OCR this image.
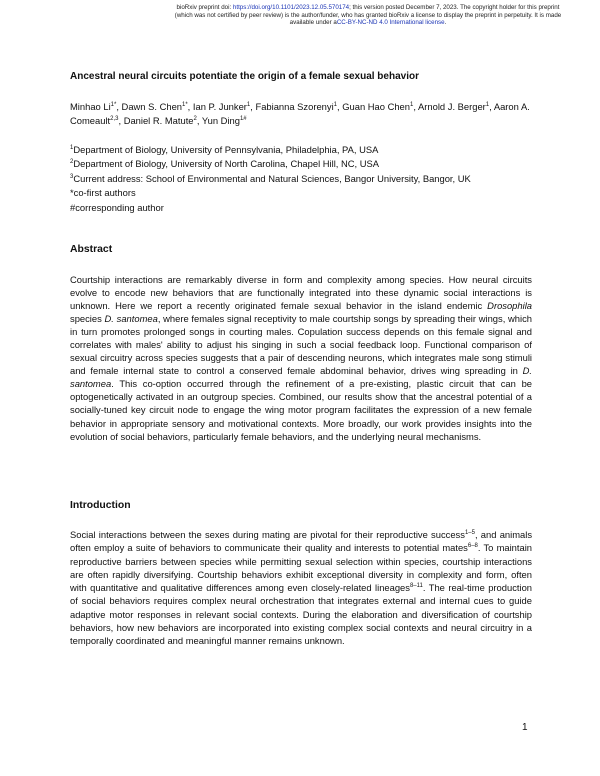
bioRxiv preprint doi: https://doi.org/10.1101/2023.12.05.570174; this version posted December 7, 2023. The copyright holder for this preprint
(which was not certified by peer review) is the author/funder, who has granted bioRxiv a license to display the preprint in perpetuity. It is made
available under aCC-BY-NC-ND 4.0 International license.
Ancestral neural circuits potentiate the origin of a female sexual behavior
Minhao $Li^{1*}$, Dawn S. Chen$^{1*}$, Ian P. Junker$^1$, Fabianna Szorenyi$^1$, Guan Hao Chen$^1$, Arnold J. Berger$^1$, Aaron A. Comeault$^{2,3}$, Daniel R. Matute$^2$, Yun Ding$^{1\#}$
$^1$Department of Biology, University of Pennsylvania, Philadelphia, PA, USA
$^2$Department of Biology, University of North Carolina, Chapel Hill, NC, USA
$^3$Current address: School of Environmental and Natural Sciences, Bangor University, Bangor, UK
*co-first authors
#corresponding author
Abstract
Courtship interactions are remarkably diverse in form and complexity among species. How neural circuits evolve to encode new behaviors that are functionally integrated into these dynamic social interactions is unknown. Here we report a recently originated female sexual behavior in the island endemic Drosophila species D. santomea, where females signal receptivity to male courtship songs by spreading their wings, which in turn promotes prolonged songs in courting males. Copulation success depends on this female signal and correlates with males' ability to adjust his singing in such a social feedback loop. Functional comparison of sexual circuitry across species suggests that a pair of descending neurons, which integrates male song stimuli and female internal state to control a conserved female abdominal behavior, drives wing spreading in D. santomea. This co-option occurred through the refinement of a pre-existing, plastic circuit that can be optogenetically activated in an outgroup species. Combined, our results show that the ancestral potential of a socially-tuned key circuit node to engage the wing motor program facilitates the expression of a new female behavior in appropriate sensory and motivational contexts. More broadly, our work provides insights into the evolution of social behaviors, particularly female behaviors, and the underlying neural mechanisms.
Introduction
Social interactions between the sexes during mating are pivotal for their reproductive success$^{1-5}$, and animals often employ a suite of behaviors to communicate their quality and interests to potential mates$^{6-8}$. To maintain reproductive barriers between species while permitting sexual selection within species, courtship interactions are often rapidly diversifying. Courtship behaviors exhibit exceptional diversity in complexity and form, often with quantitative and qualitative differences among even closely-related lineages$^{8-11}$. The real-time production of social behaviors requires complex neural orchestration that integrates external and internal cues to guide adaptive motor responses in relevant social contexts. During the elaboration and diversification of courtship behaviors, how new behaviors are incorporated into existing complex social contexts and neural circuitry in a temporally coordinated and meaningful manner remains unknown.
1
